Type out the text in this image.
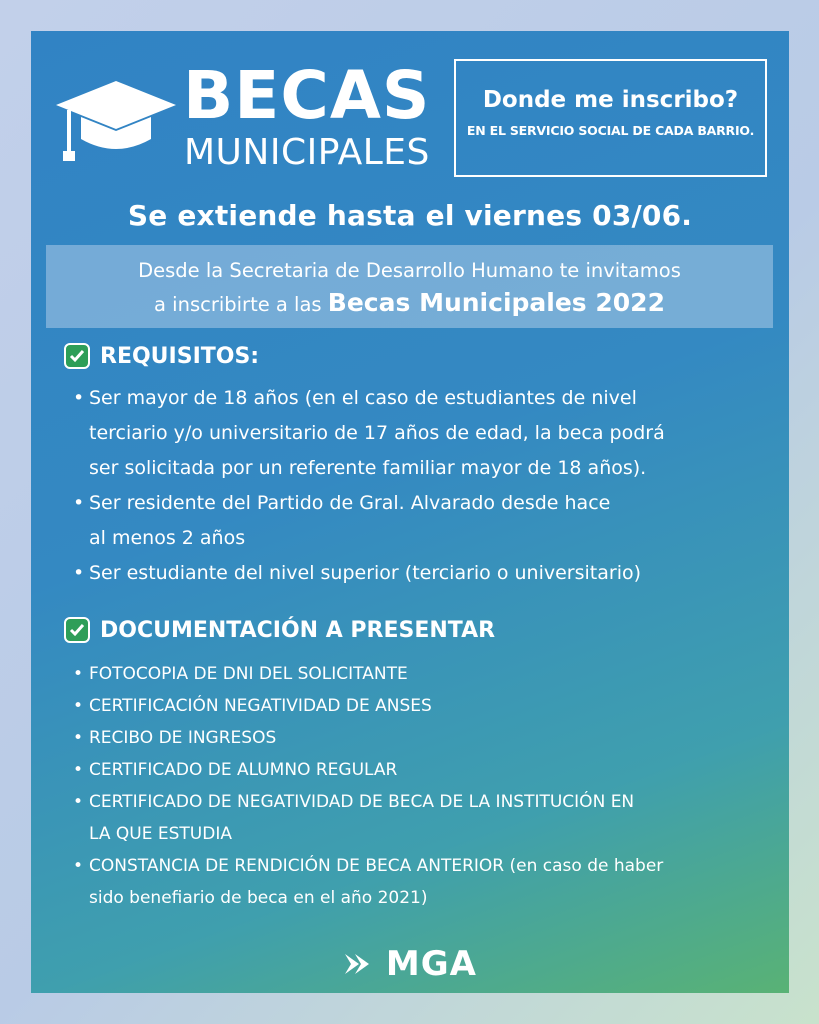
BECAS
MUNICIPALES
Donde me inscribo?
EN EL SERVICIO SOCIAL DE CADA BARRIO.
Se extiende hasta el viernes 03/06.
Desde la Secretaria de Desarrollo Humano te invitamos
a inscribirte a las Becas Municipales 2022
REQUISITOS:
• Ser mayor de 18 años (en el caso de estudiantes de nivel
terciario y/o universitario de 17 años de edad, la beca podrá
ser solicitada por un referente familiar mayor de 18 años).
• Ser residente del Partido de Gral. Alvarado desde hace
al menos 2 años
• Ser estudiante del nivel superior (terciario o universitario)
DOCUMENTACIÓN A PRESENTAR
• FOTOCOPIA DE DNI DEL SOLICITANTE
• CERTIFICACIÓN NEGATIVIDAD DE ANSES
• RECIBO DE INGRESOS
• CERTIFICADO DE ALUMNO REGULAR
• CERTIFICADO DE NEGATIVIDAD DE BECA DE LA INSTITUCIÓN EN
LA QUE ESTUDIA
• CONSTANCIA DE RENDICIÓN DE BECA ANTERIOR (en caso de haber
sido benefiario de beca en el año 2021)
MGA
